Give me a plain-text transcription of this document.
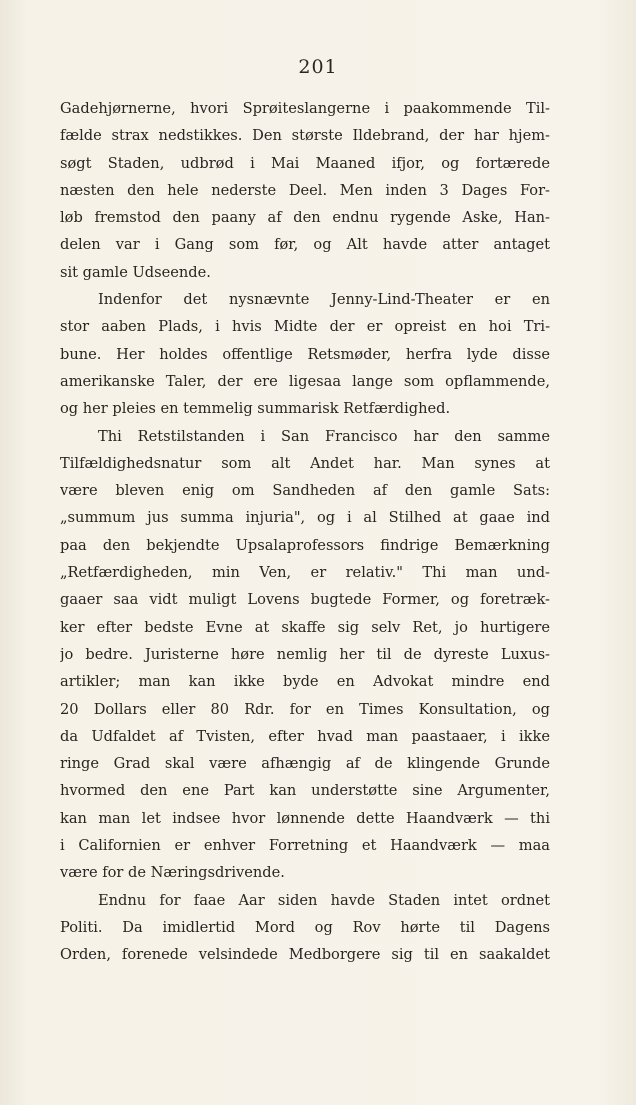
201
Gadehjørnerne, hvori Sprøiteslangerne i paakommende Til-
fælde strax nedstikkes. Den største Ildebrand, der har hjem-
søgt Staden, udbrød i Mai Maaned ifjor, og fortærede
næsten den hele nederste Deel. Men inden 3 Dages For-
løb fremstod den paany af den endnu rygende Aske, Han-
delen var i Gang som før, og Alt havde atter antaget
sit gamle Udseende.
Indenfor det nysnævnte Jenny-Lind-Theater er en
stor aaben Plads, i hvis Midte der er opreist en hoi Tri-
bune. Her holdes offentlige Retsmøder, herfra lyde disse
amerikanske Taler, der ere ligesaa lange som opflammende,
og her pleies en temmelig summarisk Retfærdighed.
Thi Retstilstanden i San Francisco har den samme
Tilfældighedsnatur som alt Andet har. Man synes at
være bleven enig om Sandheden af den gamle Sats:
„summum jus summa injuria", og i al Stilhed at gaae ind
paa den bekjendte Upsalaprofessors findrige Bemærkning
„Retfærdigheden, min Ven, er relativ." Thi man und-
gaaer saa vidt muligt Lovens bugtede Former, og foretræk-
ker efter bedste Evne at skaffe sig selv Ret, jo hurtigere
jo bedre. Juristerne høre nemlig her til de dyreste Luxus-
artikler; man kan ikke byde en Advokat mindre end
20 Dollars eller 80 Rdr. for en Times Konsultation, og
da Udfaldet af Tvisten, efter hvad man paastaaer, i ikke
ringe Grad skal være afhængig af de klingende Grunde
hvormed den ene Part kan understøtte sine Argumenter,
kan man let indsee hvor lønnende dette Haandværk — thi
i Californien er enhver Forretning et Haandværk — maa
være for de Næringsdrivende.
Endnu for faae Aar siden havde Staden intet ordnet
Politi. Da imidlertid Mord og Rov hørte til Dagens
Orden, forenede velsindede Medborgere sig til en saakaldet
